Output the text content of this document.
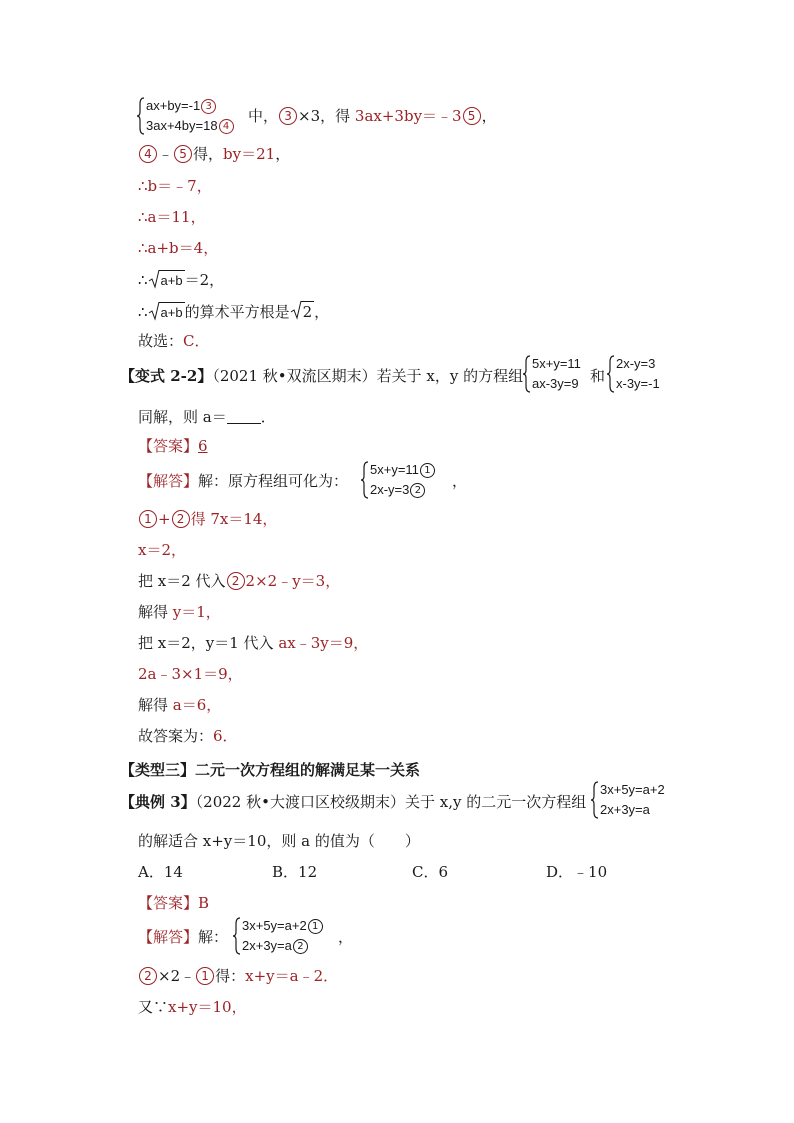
ax+by=-1 3
3ax+4by=18 4
中， 3 ×3，得 3ax+3by＝﹣3 5 ，
4 ﹣ 5 得，by＝21，
∴b＝﹣7，
∴a＝11，
∴a+b＝4，
∴ a+b ＝2，
∴ a+b 的算术平方根是 2 ，
故选：C．
【变式 2-2】（2021 秋•双流区期末）若关于 x，y 的方程组
5x+y=11
ax-3y=9 和
2x-y=3
x-3y=-1
同解，则 a＝ ．
【答案】6
【解答】解：原方程组可化为：
5x+y=11 1
2x-y=3 2
，
1 + 2 得 7x＝14，
x＝2，
把 x＝2 代入 2 2×2﹣y＝3，
解得 y＝1，
把 x＝2，y＝1 代入 ax﹣3y＝9，
2a﹣3×1＝9，
解得 a＝6，
故答案为：6．
【类型三】二元一次方程组的解满足某一关系
【典例 3】（2022 秋•大渡口区校级期末）关于 x,y 的二元一次方程组
3x+5y=a+2
2x+3y=a
的解适合 x+y＝10，则 a 的值为（　　）
A．14	B．12	C．6	D．﹣10
【答案】B
【解答】解：
3x+5y=a+2 1
2x+3y=a 2
，
2 ×2﹣ 1 得：x+y＝a﹣2．
又∵x+y＝10，
